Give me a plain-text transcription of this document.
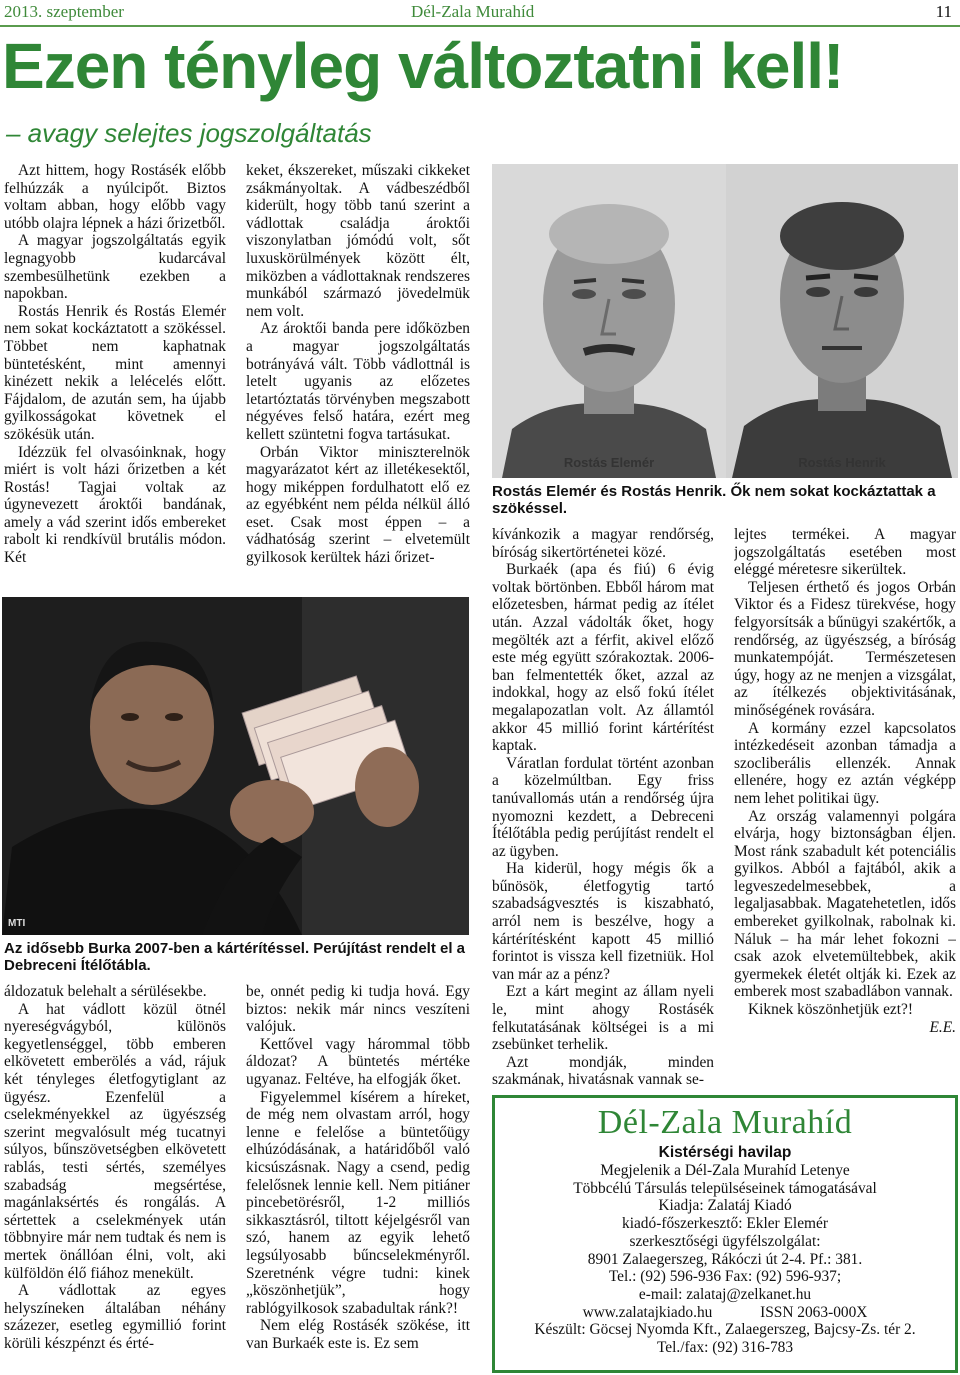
2013. szeptember	Dél-Zala Murahíd	11
Ezen tényleg változtatni kell!
– avagy selejtes jogszolgáltatás

Azt hittem, hogy Rostásék előbb felhúzzák a nyúlcipőt. Biztos voltam abban, hogy előbb vagy utóbb olajra lépnek a házi őrizetből.

A magyar jogszolgáltatás egyik legnagyobb kudarcával szembesülhetünk ezekben a napokban.

Rostás Henrik és Rostás Elemér nem sokat kockáztatott a szökéssel. Többet nem kaphatnak büntetésként, mint amennyi kinézett nekik a lelécelés előtt. Fájdalom, de azután sem, ha újabb gyilkosságokat követnek el szökésük után.

Idézzük fel olvasóinknak, hogy miért is volt házi őrizetben a két Rostás! Tagjai voltak az úgynevezett ároktői bandának, amely a vád szerint idős embereket rabolt ki rendkívül brutális módon. Két

keket, ékszereket, műszaki cikkeket zsákmányoltak. A vádbeszédből kiderült, hogy több tanú szerint a vádlottak családja ároktői viszonylatban jómódú volt, sőt luxuskörülmények között élt, miközben a vádlottaknak rendszeres munkából származó jövedelmük nem volt.

Az ároktői banda pere időközben a magyar jogszolgáltatás botrányává vált. Több vádlottnál is letelt ugyanis az előzetes letartóztatás törvényben megszabott négyéves felső határa, ezért meg kellett szüntetni fogva tartásukat.

Orbán Viktor miniszterelnök magyarázatot kért az illetékesektől, hogy miképpen fordulhatott elő ez az egyébként nem példa nélkül álló eset. Csak most éppen – a vádhatóság szerint – elvetemült gyilkosok kerültek házi őrizet-

Rostás Elemér	Rostás Henrik
Rostás Elemér és Rostás Henrik. Ők nem sokat kockáztattak a szökéssel.

kívánkozik a magyar rendőrség, bíróság sikertörténetei közé.

Burkaék (apa és fiú) 6 évig voltak börtönben. Ebből három mat előzetesben, hármat pedig az ítélet után. Azzal vádolták őket, hogy megölték azt a férfit, akivel előző este még együtt szórakoztak. 2006-ban felmentették őket, azzal az indokkal, hogy az első fokú ítélet megalapozatlan volt. Az államtól akkor 45 millió forint kártérítést kaptak.

Váratlan fordulat történt azonban a közelmúltban. Egy friss tanúvallomás után a rendőrség újra nyomozni kezdett, a Debreceni Ítélőtábla pedig perújítást rendelt el az ügyben.

Ha kiderül, hogy mégis ők a bűnösök, életfogytig tartó szabadságvesztés is kiszabható, arról nem is beszélve, hogy a kártérítésként kapott 45 millió forintot is vissza kell fizetniük. Hol van már az a pénz?

Ezt a kárt megint az állam nyeli le, mint ahogy Rostásék felkutatásának költségei is a mi zsebünket terhelik.

Azt mondják, minden szakmának, hivatásnak vannak se-

lejtes termékei. A magyar jogszolgáltatás esetében most eléggé méretesre sikerültek.

Teljesen érthető és jogos Orbán Viktor és a Fidesz türekvése, hogy felgyorsítsák a bűnügyi szakértők, a rendőrség, az ügyészség, a bíróság munkatempóját. Természetesen úgy, hogy az ne menjen a vizsgálat, az ítélkezés objektivitásának, minőségének rovására.

A kormány ezzel kapcsolatos intézkedéseit azonban támadja a szocliberális ellenzék. Annak ellenére, hogy ez aztán végképp nem lehet politikai ügy.

Az ország valamennyi polgára elvárja, hogy biztonságban éljen. Most ránk szabadult két potenciális gyilkos. Abból a fajtából, akik a legveszedelmesebbek, a legaljasabbak. Magatehetetlen, idős embereket gyilkolnak, rabolnak ki. Náluk – ha már lehet fokozni – csak azok elvetemültebbek, akik gyermekek életét oltják ki. Ezek az emberek most szabadlábon vannak.

Kiknek köszönhetjük ezt?!

E.E.

MTI
Az idősebb Burka 2007-ben a kártérítéssel. Perújítást rendelt el a Debreceni Ítélőtábla.

áldozatuk belehalt a sérülésekbe.

A hat vádlott közül ötnél nyereségvágyból, különös kegyetlenséggel, több emberen elkövetett emberölés a vád, rájuk két tényleges életfogytiglant az ügyész. Ezenfelül a cselekményekkel az ügyészség szerint megvalósult még tucatnyi súlyos, bűnszövetségben elkövetett rablás, testi sértés, személyes szabadság megsértése, magánlaksértés és rongálás. A sértettek a cselekmények után többnyire már nem tudtak és nem is mertek önállóan élni, volt, aki külföldön élő fiához menekült.

A vádlottak az egyes helyszíneken általában néhány százezer, esetleg egymillió forint körüli készpénzt és érté-

be, onnét pedig ki tudja hová. Egy biztos: nekik már nincs veszíteni valójuk.

Kettővel vagy hárommal több áldozat? A büntetés mértéke ugyanaz. Feltéve, ha elfogják őket.

Figyelemmel kísérem a híreket, de még nem olvastam arról, hogy lenne e felelőse a büntetőügy elhúzódásának, a határidőből való kicsúszásnak. Nagy a csend, pedig felelősnek lennie kell. Nem pitiáner pincebetörésről, 1-2 milliós sikkasztásról, tiltott kéjelgésről van szó, hanem az egyik lehető legsúlyosabb bűncselekményről. Szeretnénk végre tudni: kinek „köszönhetjük”, hogy rablógyilkosok szabadultak ránk?!

Nem elég Rostásék szökése, itt van Burkaék este is. Ez sem

Dél-Zala Murahíd
Kistérségi havilap
Megjelenik a Dél-Zala Murahíd Letenye
Többcélú Társulás települséseinek támogatásával
Kiadja: Zalatáj Kiadó
kiadó-főszerkesztő: Ekler Elemér
szerkesztőségi ügyfélszolgálat:
8901 Zalaegerszeg, Rákóczi út 2-4. Pf.: 381.
Tel.: (92) 596-936 Fax: (92) 596-937;
e-mail: zalataj@zelkanet.hu
www.zalatajkiado.hu	ISSN 2063-000X
Készült: Göcsej Nyomda Kft., Zalaegerszeg, Bajcsy-Zs. tér 2.
Tel./fax: (92) 316-783
